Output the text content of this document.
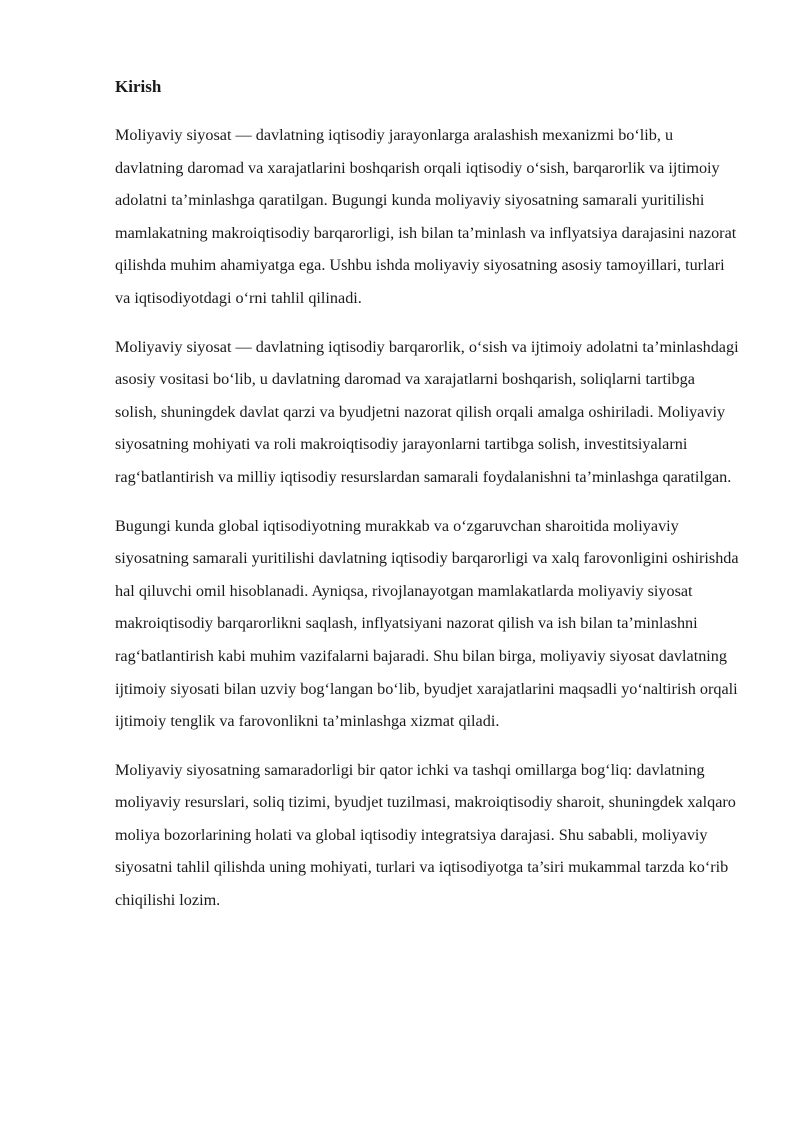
Kirish

Moliyaviy siyosat — davlatning iqtisodiy jarayonlarga aralashish mexanizmi bo‘lib, u davlatning daromad va xarajatlarini boshqarish orqali iqtisodiy o‘sish, barqarorlik va ijtimoiy adolatni ta’minlashga qaratilgan. Bugungi kunda moliyaviy siyosatning samarali yuritilishi mamlakatning makroiqtisodiy barqarorligi, ish bilan ta’minlash va inflyatsiya darajasini nazorat qilishda muhim ahamiyatga ega. Ushbu ishda moliyaviy siyosatning asosiy tamoyillari, turlari va iqtisodiyotdagi o‘rni tahlil qilinadi.

Moliyaviy siyosat — davlatning iqtisodiy barqarorlik, o‘sish va ijtimoiy adolatni ta’minlashdagi asosiy vositasi bo‘lib, u davlatning daromad va xarajatlarni boshqarish, soliqlarni tartibga solish, shuningdek davlat qarzi va byudjetni nazorat qilish orqali amalga oshiriladi. Moliyaviy siyosatning mohiyati va roli makroiqtisodiy jarayonlarni tartibga solish, investitsiyalarni rag‘batlantirish va milliy iqtisodiy resurslardan samarali foydalanishni ta’minlashga qaratilgan.

Bugungi kunda global iqtisodiyotning murakkab va o‘zgaruvchan sharoitida moliyaviy siyosatning samarali yuritilishi davlatning iqtisodiy barqarorligi va xalq farovonligini oshirishda hal qiluvchi omil hisoblanadi. Ayniqsa, rivojlanayotgan mamlakatlarda moliyaviy siyosat makroiqtisodiy barqarorlikni saqlash, inflyatsiyani nazorat qilish va ish bilan ta’minlashni rag‘batlantirish kabi muhim vazifalarni bajaradi. Shu bilan birga, moliyaviy siyosat davlatning ijtimoiy siyosati bilan uzviy bog‘langan bo‘lib, byudjet xarajatlarini maqsadli yo‘naltirish orqali ijtimoiy tenglik va farovonlikni ta’minlashga xizmat qiladi.

Moliyaviy siyosatning samaradorligi bir qator ichki va tashqi omillarga bog‘liq: davlatning moliyaviy resurslari, soliq tizimi, byudjet tuzilmasi, makroiqtisodiy sharoit, shuningdek xalqaro moliya bozorlarining holati va global iqtisodiy integratsiya darajasi. Shu sababli, moliyaviy siyosatni tahlil qilishda uning mohiyati, turlari va iqtisodiyotga ta’siri mukammal tarzda ko‘rib chiqilishi lozim.
